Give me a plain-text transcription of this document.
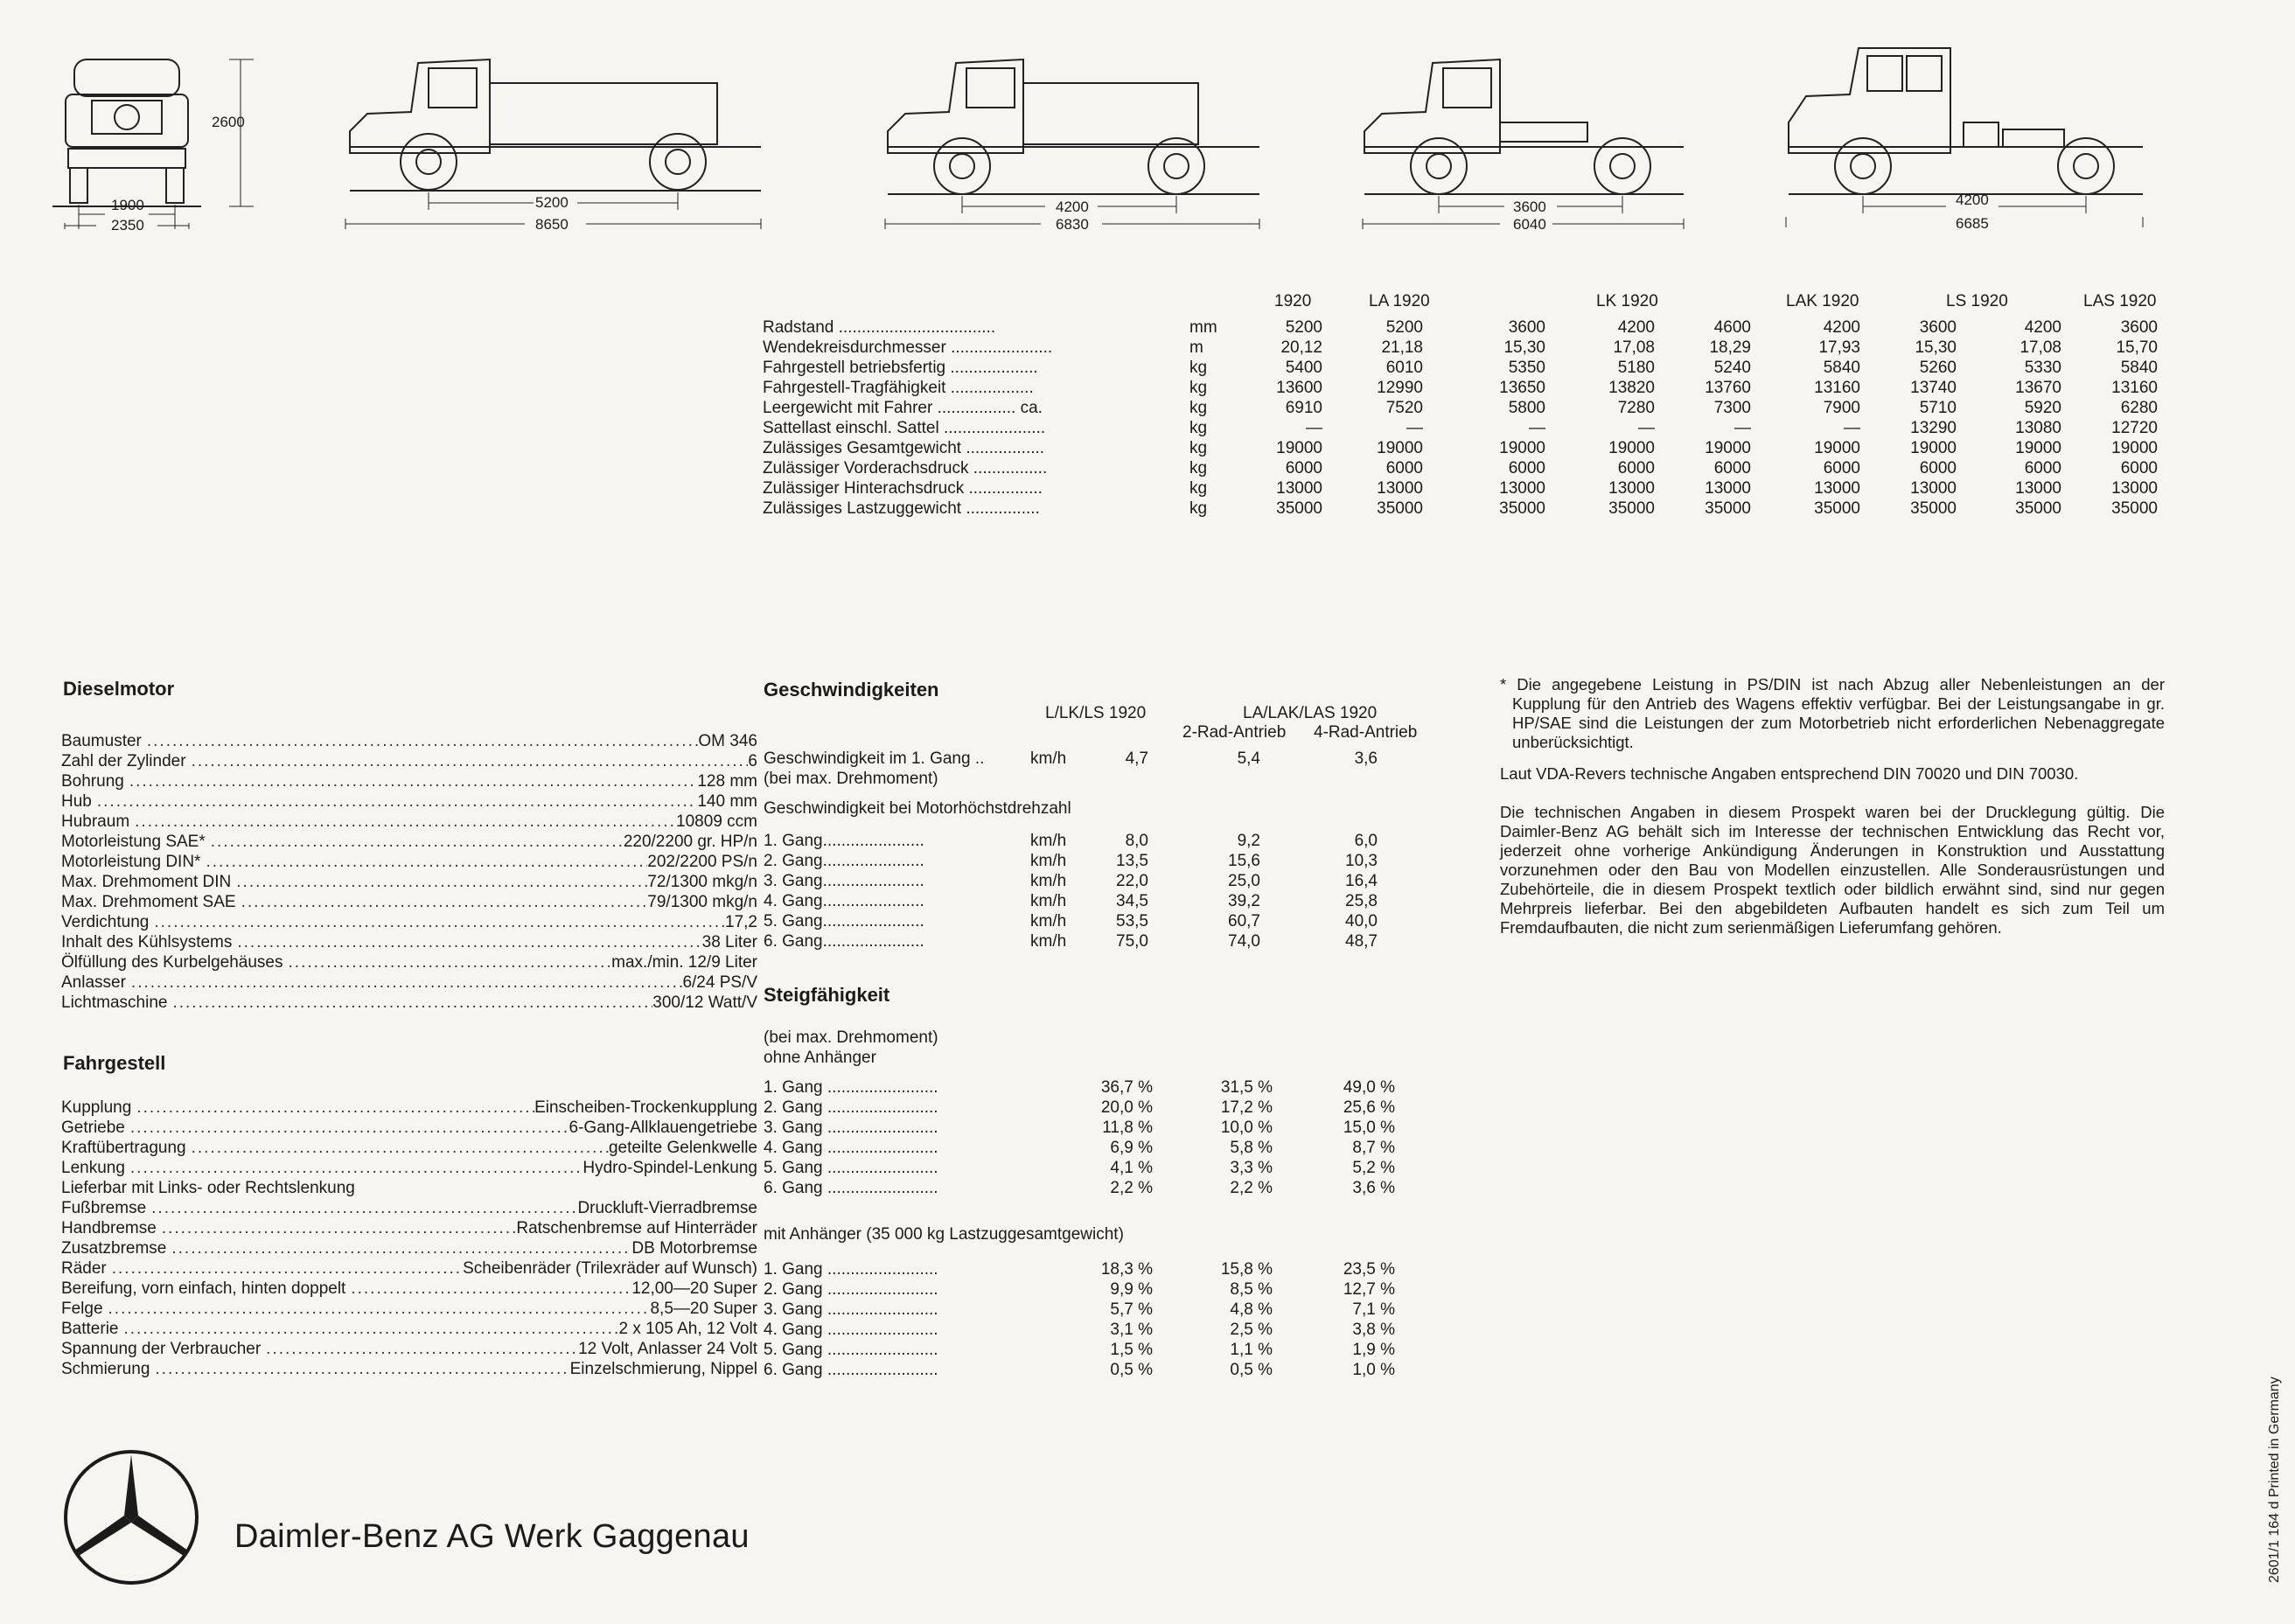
2600
1900
2350
5200
8650
4200
6830
3600
6040
4200
6685
1920	LA 1920	LK 1920	LAK 1920	LS 1920	LAS 1920
Radstand ..................................	mm	5200	5200	3600	4200	4600	4200	3600	4200	3600
Wendekreisdurchmesser ......................	m	20,12	21,18	15,30	17,08	18,29	17,93	15,30	17,08	15,70
Fahrgestell betriebsfertig ...................	kg	5400	6010	5350	5180	5240	5840	5260	5330	5840
Fahrgestell-Tragfähigkeit ..................	kg	13600	12990	13650	13820	13760	13160	13740	13670	13160
Leergewicht mit Fahrer ................. ca.	kg	6910	7520	5800	7280	7300	7900	5710	5920	6280
Sattellast einschl. Sattel ......................	kg	—	—	—	—	—	—	13290	13080	12720
Zulässiges Gesamtgewicht .................	kg	19000	19000	19000	19000	19000	19000	19000	19000	19000
Zulässiger Vorderachsdruck ................	kg	6000	6000	6000	6000	6000	6000	6000	6000	6000
Zulässiger Hinterachsdruck ................	kg	13000	13000	13000	13000	13000	13000	13000	13000	13000
Zulässiges Lastzuggewicht ................	kg	35000	35000	35000	35000	35000	35000	35000	35000	35000
Dieselmotor
Baumuster .....	OM 346
Zahl der Zylinder .....	6
Bohrung .....	128 mm
Hub .....	140 mm
Hubraum .....	10809 ccm
Motorleistung SAE* .....	220/2200 gr. HP/n
Motorleistung DIN* .....	202/2200 PS/n
Max. Drehmoment DIN .....	72/1300 mkg/n
Max. Drehmoment SAE .....	79/1300 mkg/n
Verdichtung .....	17,2
Inhalt des Kühlsystems .....	38 Liter
Ölfüllung des Kurbelgehäuses .....	max./min. 12/9 Liter
Anlasser .....	6/24 PS/V
Lichtmaschine .....	300/12 Watt/V
Fahrgestell
Kupplung .....	Einscheiben-Trockenkupplung
Getriebe .....	6-Gang-Allklauengetriebe
Kraftübertragung .....	geteilte Gelenkwelle
Lenkung .....	Hydro-Spindel-Lenkung
Lieferbar mit Links- oder Rechtslenkung
Fußbremse .....	Druckluft-Vierradbremse
Handbremse .....	Ratschenbremse auf Hinterräder
Zusatzbremse .....	DB Motorbremse
Räder .....	Scheibenräder (Trilexräder auf Wunsch)
Bereifung, vorn einfach, hinten doppelt .....	12,00—20 Super
Felge .....	8,5—20 Super
Batterie .....	2 x 105 Ah, 12 Volt
Spannung der Verbraucher .....	12 Volt, Anlasser 24 Volt
Schmierung .....	Einzelschmierung, Nippel
Geschwindigkeiten
L/LK/LS 1920	LA/LAK/LAS 1920
2-Rad-Antrieb 4-Rad-Antrieb
Geschwindigkeit im 1. Gang ..	km/h	4,7	5,4	3,6
(bei max. Drehmoment)
Geschwindigkeit bei Motorhöchstdrehzahl
1. Gang......................	km/h	8,0	9,2	6,0
2. Gang......................	km/h	13,5	15,6	10,3
3. Gang......................	km/h	22,0	25,0	16,4
4. Gang......................	km/h	34,5	39,2	25,8
5. Gang......................	km/h	53,5	60,7	40,0
6. Gang......................	km/h	75,0	74,0	48,7
Steigfähigkeit
(bei max. Drehmoment)
ohne Anhänger
1. Gang ........................	36,7 %	31,5 %	49,0 %
2. Gang ........................	20,0 %	17,2 %	25,6 %
3. Gang ........................	11,8 %	10,0 %	15,0 %
4. Gang ........................	6,9 %	5,8 %	8,7 %
5. Gang ........................	4,1 %	3,3 %	5,2 %
6. Gang ........................	2,2 %	2,2 %	3,6 %
mit Anhänger (35 000 kg Lastzuggesamtgewicht)
1. Gang ........................	18,3 %	15,8 %	23,5 %
2. Gang ........................	9,9 %	8,5 %	12,7 %
3. Gang ........................	5,7 %	4,8 %	7,1 %
4. Gang ........................	3,1 %	2,5 %	3,8 %
5. Gang ........................	1,5 %	1,1 %	1,9 %
6. Gang ........................	0,5 %	0,5 %	1,0 %

* Die angegebene Leistung in PS/DIN ist nach Abzug aller Nebenleistungen an der Kupplung für den Antrieb des Wagens effektiv verfügbar. Bei der Leistungsangabe in gr. HP/SAE sind die Leistungen der zum Motorbetrieb nicht erforderlichen Nebenaggregate unberücksichtigt.

Laut VDA-Revers technische Angaben entsprechend DIN 70020 und DIN 70030.

Die technischen Angaben in diesem Prospekt waren bei der Drucklegung gültig. Die Daimler-Benz AG behält sich im Interesse der technischen Entwicklung das Recht vor, jederzeit ohne vorherige Ankündigung Änderungen in Konstruktion und Ausstattung vorzunehmen oder den Bau von Modellen einzustellen. Alle Sonderausrüstungen und Zubehörteile, die in diesem Prospekt textlich oder bildlich erwähnt sind, sind nur gegen Mehrpreis lieferbar. Bei den abgebildeten Aufbauten handelt es sich zum Teil um Fremdaufbauten, die nicht zum serienmäßigen Lieferumfang gehören.

Daimler-Benz AG Werk Gaggenau	2601/1 164 d Printed in Germany
